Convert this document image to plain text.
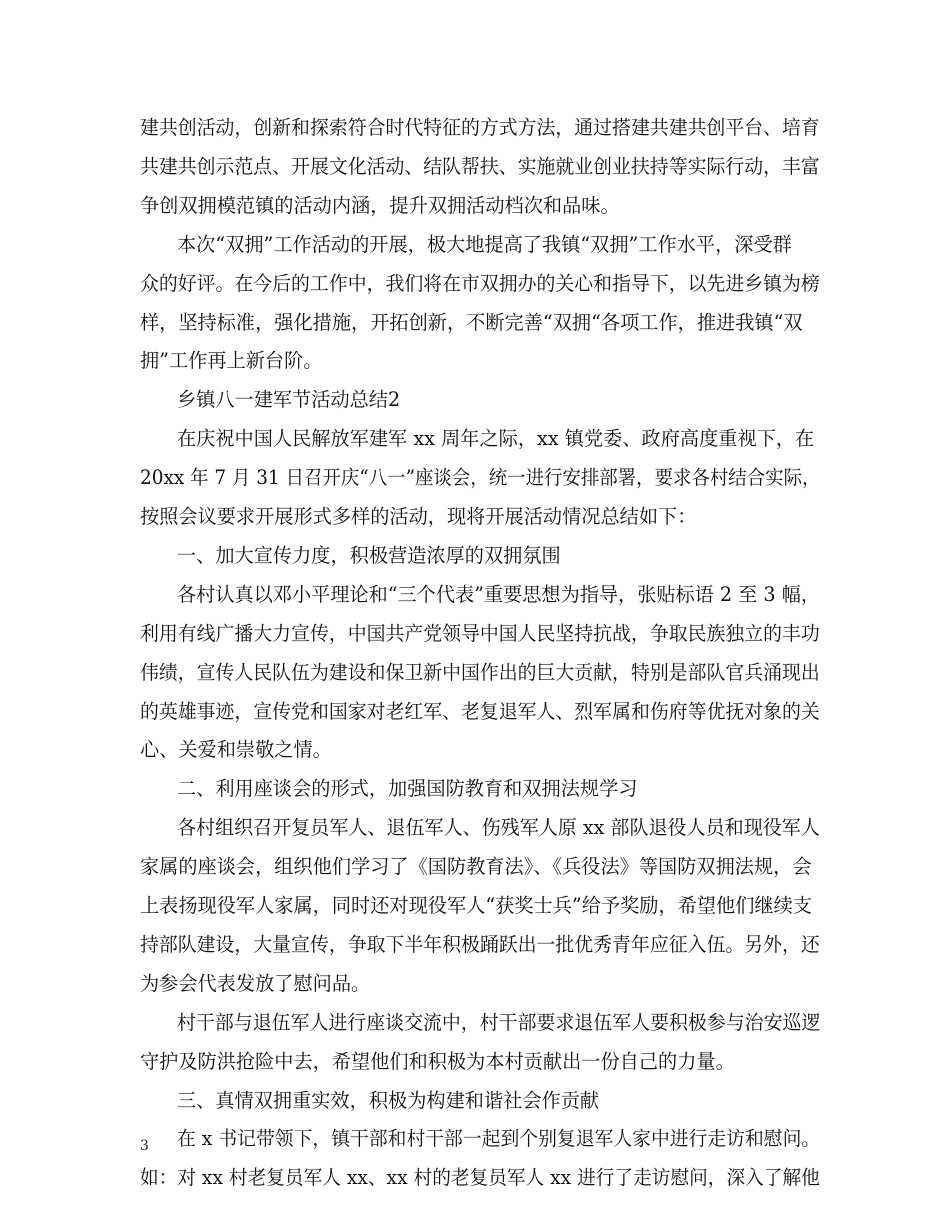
建共创活动，创新和探索符合时代特征的方式方法，通过搭建共建共创平台、培育
共建共创示范点、开展文化活动、结队帮扶、实施就业创业扶持等实际行动，丰富
争创双拥模范镇的活动内涵，提升双拥活动档次和品味。
本次“双拥”工作活动的开展，极大地提高了我镇“双拥”工作水平，深受群
众的好评。在今后的工作中，我们将在市双拥办的关心和指导下，以先进乡镇为榜
样，坚持标准，强化措施，开拓创新，不断完善“双拥“各项工作，推进我镇“双
拥”工作再上新台阶。
乡镇八一建军节活动总结2
在庆祝中国人民解放军建军 xx 周年之际，xx 镇党委、政府高度重视下，在
20xx 年 7 月 31 日召开庆“八一”座谈会，统一进行安排部署，要求各村结合实际，
按照会议要求开展形式多样的活动，现将开展活动情况总结如下：
一、加大宣传力度，积极营造浓厚的双拥氛围
各村认真以邓小平理论和“三个代表”重要思想为指导，张贴标语 2 至 3 幅，
利用有线广播大力宣传，中国共产党领导中国人民坚持抗战，争取民族独立的丰功
伟绩，宣传人民队伍为建设和保卫新中国作出的巨大贡献，特别是部队官兵涌现出
的英雄事迹，宣传党和国家对老红军、老复退军人、烈军属和伤府等优抚对象的关
心、关爱和崇敬之情。
二、利用座谈会的形式，加强国防教育和双拥法规学习
各村组织召开复员军人、退伍军人、伤残军人原 xx 部队退役人员和现役军人
家属的座谈会，组织他们学习了《国防教育法》、《兵役法》等国防双拥法规，会
上表扬现役军人家属，同时还对现役军人“获奖士兵”给予奖励，希望他们继续支
持部队建设，大量宣传，争取下半年积极踊跃出一批优秀青年应征入伍。另外，还
为参会代表发放了慰问品。
村干部与退伍军人进行座谈交流中，村干部要求退伍军人要积极参与治安巡逻
守护及防洪抢险中去，希望他们和积极为本村贡献出一份自己的力量。
三、真情双拥重实效，积极为构建和谐社会作贡献
在 x 书记带领下，镇干部和村干部一起到个别复退军人家中进行走访和慰问。
如：对 xx 村老复员军人 xx、xx 村的老复员军人 xx 进行了走访慰问，深入了解他
3
